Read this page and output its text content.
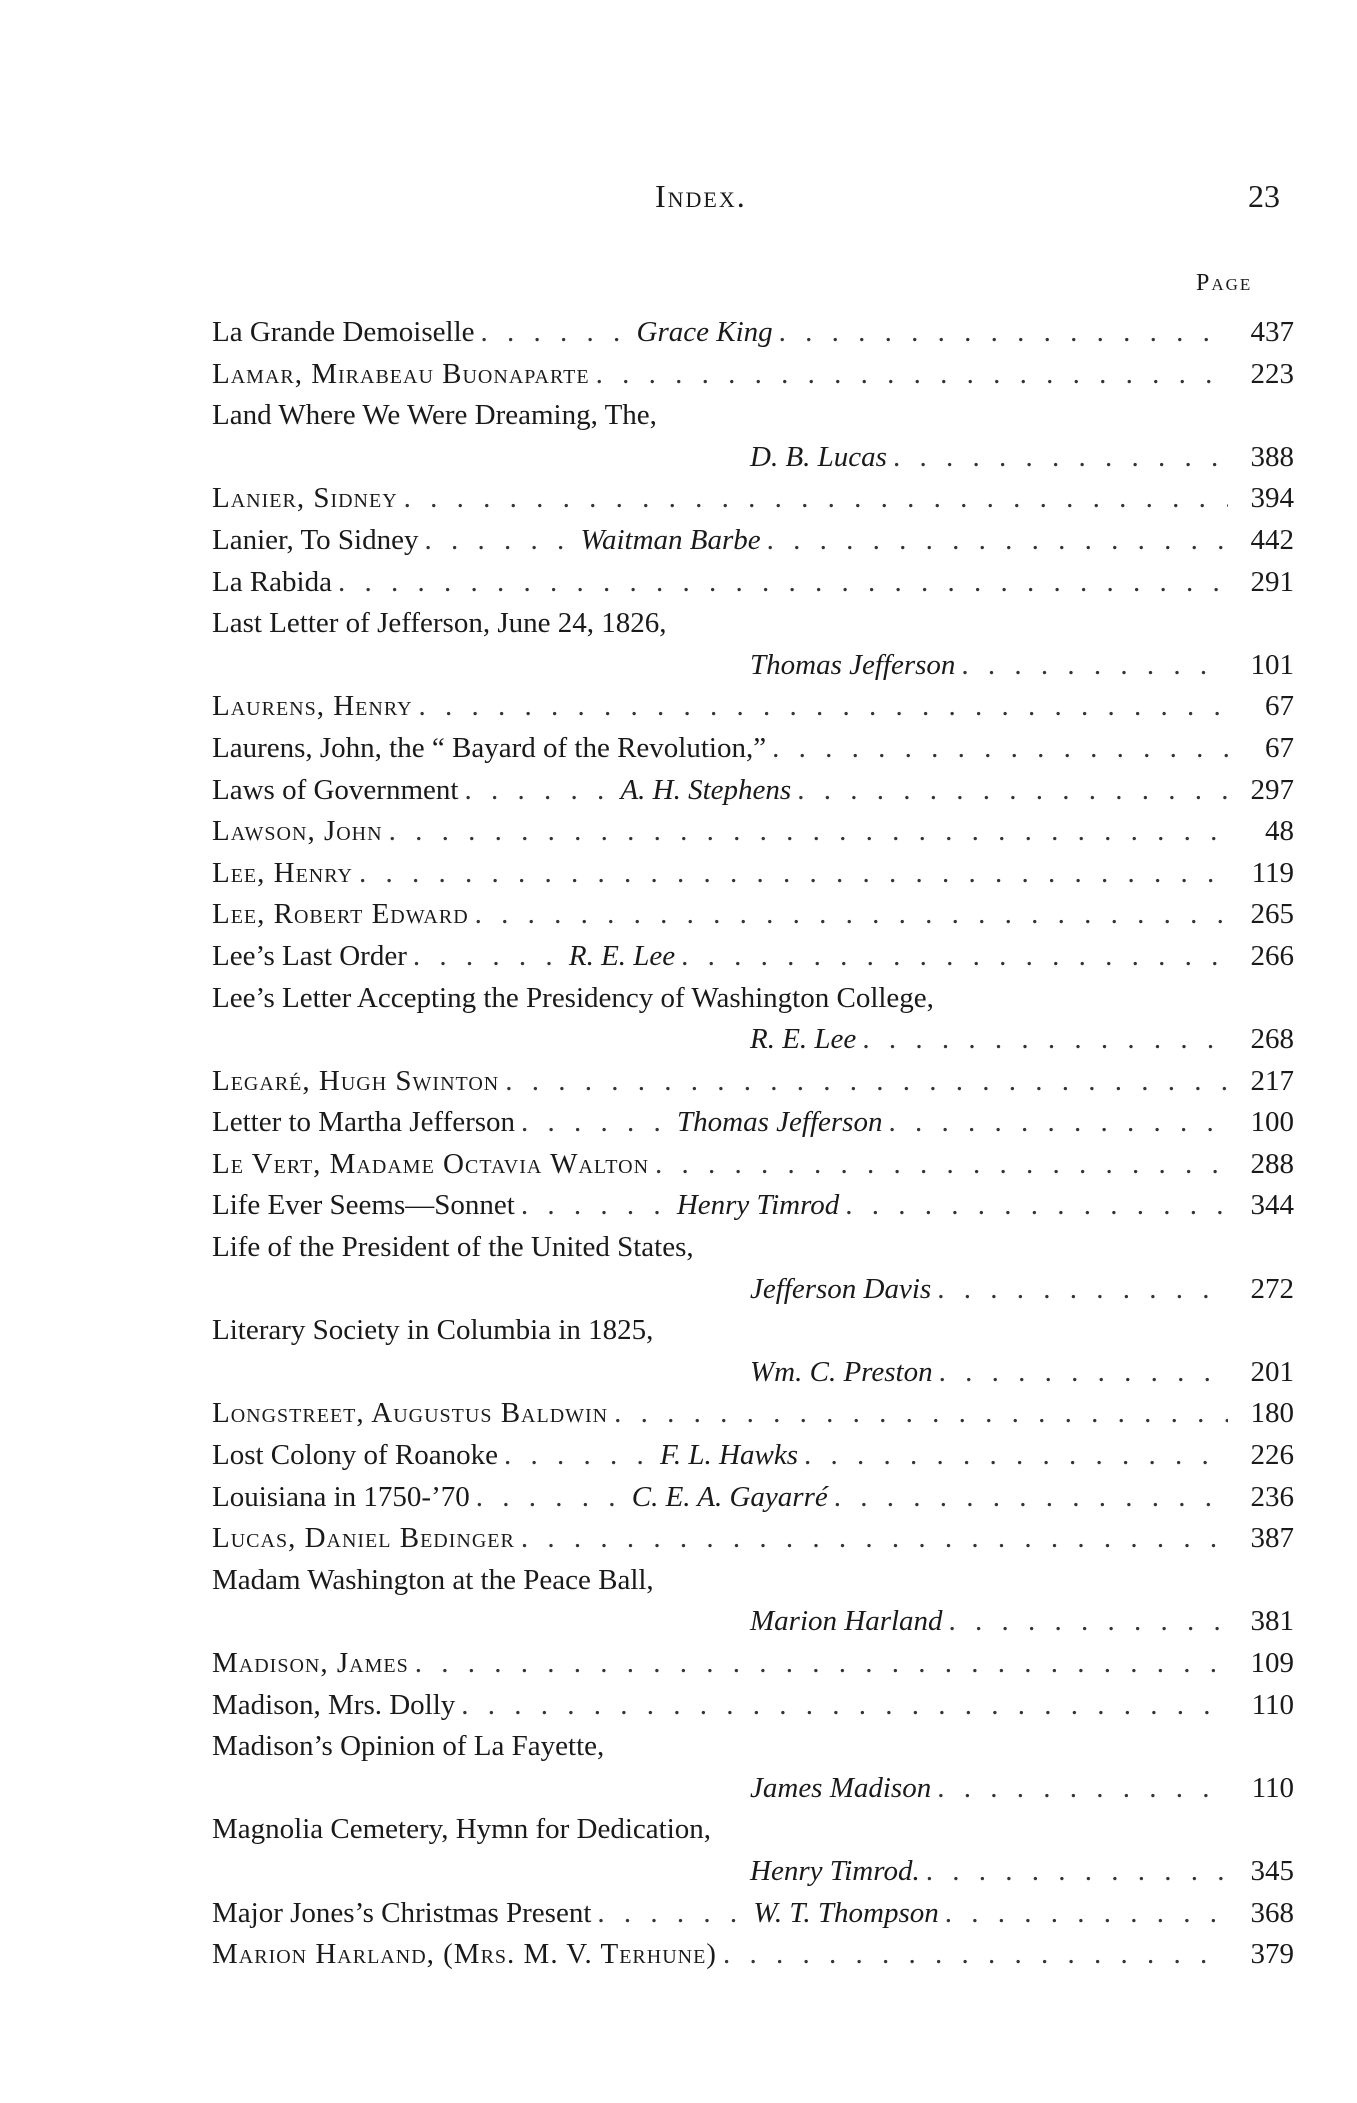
Index.	23
Page
La Grande Demoiselle . . .	Grace King . . .	437
Lamar, Mirabeau Buonaparte . . .	223
Land Where We Were Dreaming, The,
D. B. Lucas . . .	388
Lanier, Sidney . . .	394
Lanier, To Sidney . . .	Waitman Barbe . . .	442
La Rabida . . .	291
Last Letter of Jefferson, June 24, 1826,
Thomas Jefferson . . .	101
Laurens, Henry . . .	67
Laurens, John, the “ Bayard of the Revolution,” . . .	67
Laws of Government . . .	A. H. Stephens . . .	297
Lawson, John . . .	48
Lee, Henry . . .	119
Lee, Robert Edward . . .	265
Lee’s Last Order . . .	R. E. Lee . . .	266
Lee’s Letter Accepting the Presidency of Washington College,
R. E. Lee . . .	268
Legaré, Hugh Swinton . . .	217
Letter to Martha Jefferson . . .	Thomas Jefferson . . .	100
Le Vert, Madame Octavia Walton . . .	288
Life Ever Seems—Sonnet . . .	Henry Timrod . . .	344
Life of the President of the United States,
Jefferson Davis . . .	272
Literary Society in Columbia in 1825,
Wm. C. Preston . . .	201
Longstreet, Augustus Baldwin . . .	180
Lost Colony of Roanoke . . .	F. L. Hawks . . .	226
Louisiana in 1750-’70 . . .	C. E. A. Gayarré . . .	236
Lucas, Daniel Bedinger . . .	387
Madam Washington at the Peace Ball,
Marion Harland . . .	381
Madison, James . . .	109
Madison, Mrs. Dolly . . .	110
Madison’s Opinion of La Fayette,
James Madison . . .	110
Magnolia Cemetery, Hymn for Dedication,
Henry Timrod. . . .	345
Major Jones’s Christmas Present . . .	W. T. Thompson . . .	368
Marion Harland, (Mrs. M. V. Terhune) . . .	379
